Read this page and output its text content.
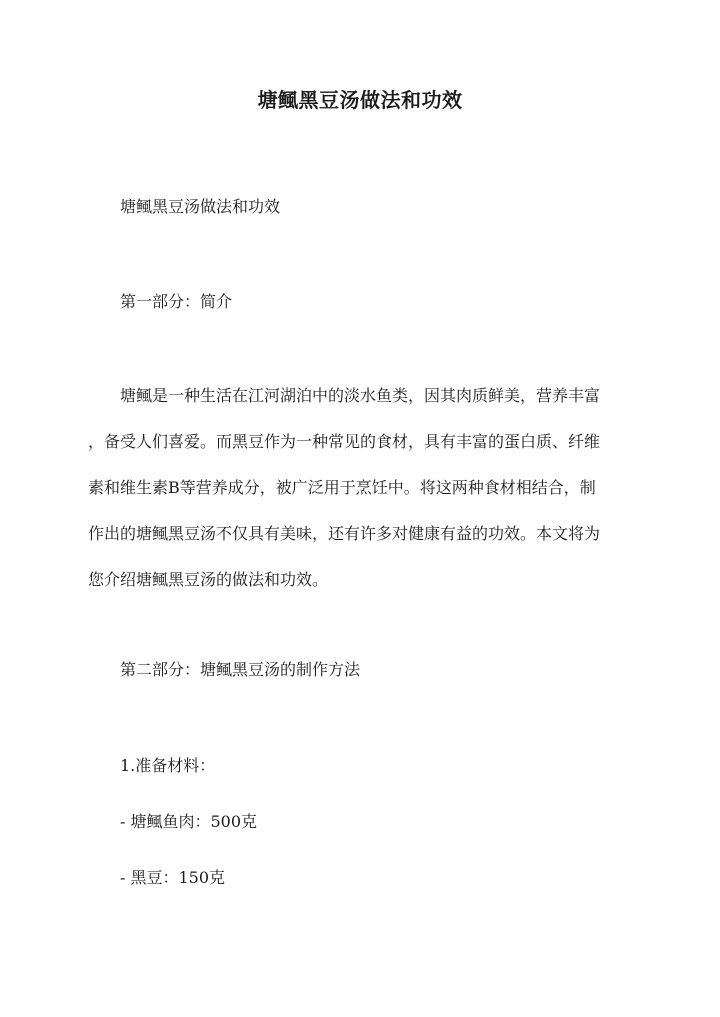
塘鲺黑豆汤做法和功效
塘鲺黑豆汤做法和功效
第一部分：简介
塘鲺是一种生活在江河湖泊中的淡水鱼类，因其肉质鲜美，营养丰富
，备受人们喜爱。而黑豆作为一种常见的食材，具有丰富的蛋白质、纤维
素和维生素B等营养成分，被广泛用于烹饪中。将这两种食材相结合，制
作出的塘鲺黑豆汤不仅具有美味，还有许多对健康有益的功效。本文将为
您介绍塘鲺黑豆汤的做法和功效。
第二部分：塘鲺黑豆汤的制作方法
1.准备材料：
- 塘鲺鱼肉：500克
- 黑豆：150克
